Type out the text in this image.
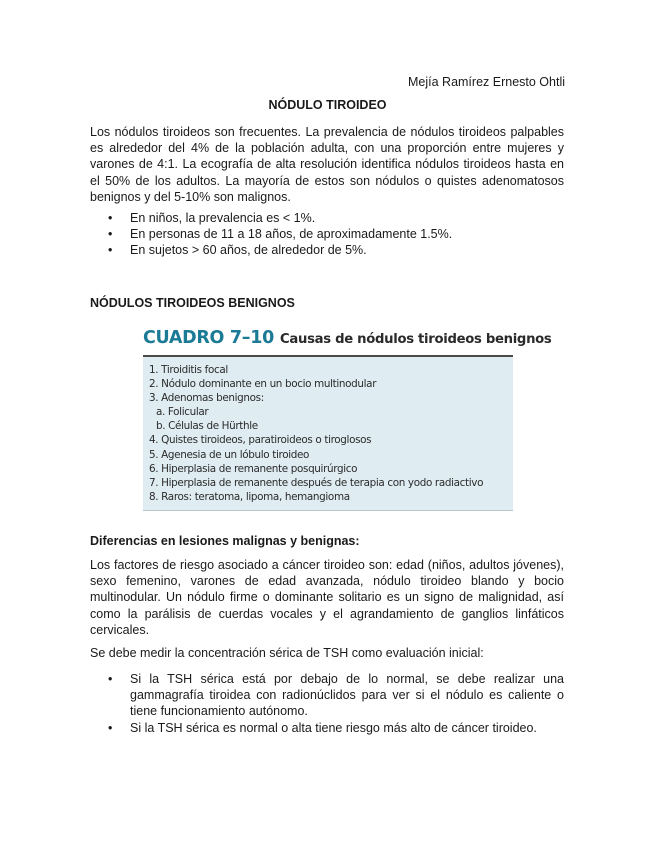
Mejía Ramírez Ernesto Ohtli
NÓDULO TIROIDEO

Los nódulos tiroideos son frecuentes. La prevalencia de nódulos tiroideos palpables es alrededor del 4% de la población adulta, con una proporción entre mujeres y varones de 4:1. La ecografía de alta resolución identifica nódulos tiroideos hasta en el 50% de los adultos. La mayoría de estos son nódulos o quistes adenomatosos benignos y del 5-10% son malignos.

• En niños, la prevalencia es < 1%.
• En personas de 11 a 18 años, de aproximadamente 1.5%.
• En sujetos > 60 años, de alrededor de 5%.
NÓDULOS TIROIDEOS BENIGNOS
CUADRO 7–10 Causas de nódulos tiroideos benignos
1. Tiroiditis focal
2. Nódulo dominante en un bocio multinodular
3. Adenomas benignos:
a. Folicular
b. Células de Hürthle
4. Quistes tiroideos, paratiroideos o tiroglosos
5. Agenesia de un lóbulo tiroideo
6. Hiperplasia de remanente posquirúrgico
7. Hiperplasia de remanente después de terapia con yodo radiactivo
8. Raros: teratoma, lipoma, hemangioma
Diferencias en lesiones malignas y benignas:

Los factores de riesgo asociado a cáncer tiroideo son: edad (niños, adultos jóvenes), sexo femenino, varones de edad avanzada, nódulo tiroideo blando y bocio multinodular. Un nódulo firme o dominante solitario es un signo de malignidad, así como la parálisis de cuerdas vocales y el agrandamiento de ganglios linfáticos cervicales.

Se debe medir la concentración sérica de TSH como evaluación inicial:

• Si la TSH sérica está por debajo de lo normal, se debe realizar una gammagrafía tiroidea con radionúclidos para ver si el nódulo es caliente o tiene funcionamiento autónomo.
• Si la TSH sérica es normal o alta tiene riesgo más alto de cáncer tiroideo.
